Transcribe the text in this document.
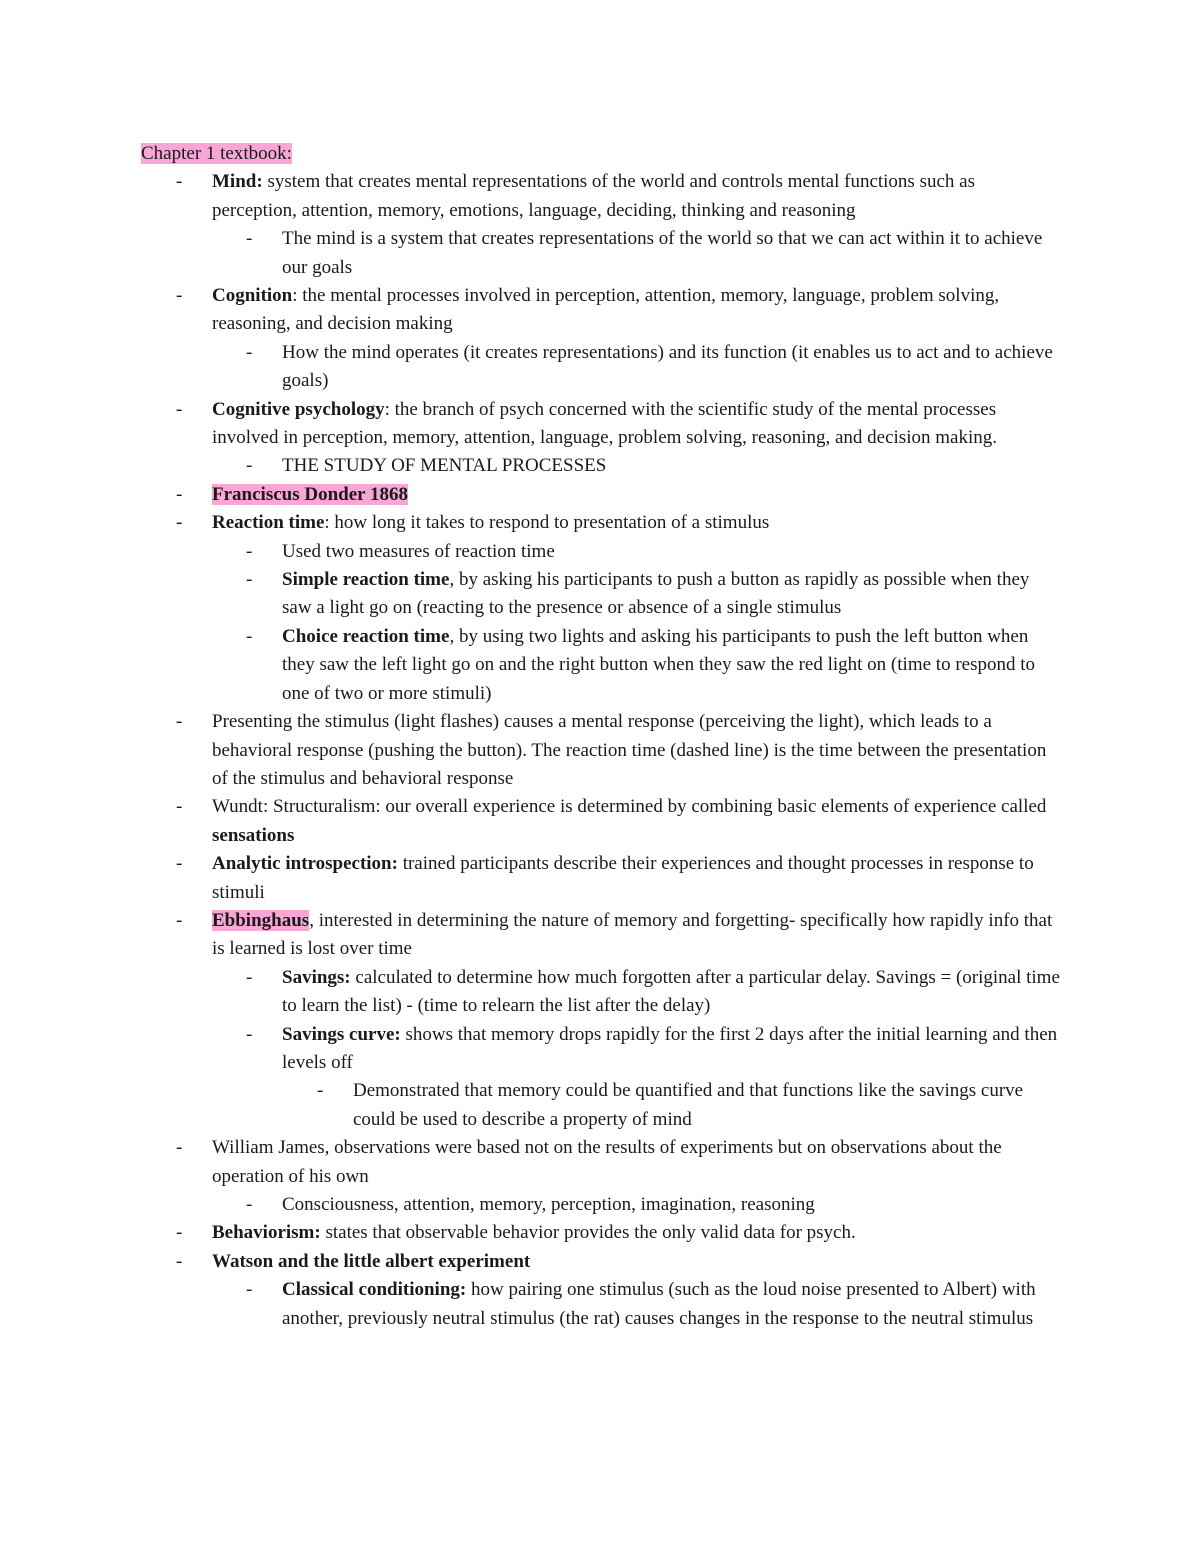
Chapter 1 textbook:
- Mind: system that creates mental representations of the world and controls mental functions such as perception, attention, memory, emotions, language, deciding, thinking and reasoning
- The mind is a system that creates representations of the world so that we can act within it to achieve our goals
- Cognition: the mental processes involved in perception, attention, memory, language, problem solving, reasoning, and decision making
- How the mind operates (it creates representations) and its function (it enables us to act and to achieve goals)
- Cognitive psychology: the branch of psych concerned with the scientific study of the mental processes involved in perception, memory, attention, language, problem solving, reasoning, and decision making.
- THE STUDY OF MENTAL PROCESSES
- Franciscus Donder 1868
- Reaction time: how long it takes to respond to presentation of a stimulus
- Used two measures of reaction time
- Simple reaction time, by asking his participants to push a button as rapidly as possible when they saw a light go on (reacting to the presence or absence of a single stimulus
- Choice reaction time, by using two lights and asking his participants to push the left button when they saw the left light go on and the right button when they saw the red light on (time to respond to one of two or more stimuli)
- Presenting the stimulus (light flashes) causes a mental response (perceiving the light), which leads to a behavioral response (pushing the button). The reaction time (dashed line) is the time between the presentation of the stimulus and behavioral response
- Wundt: Structuralism: our overall experience is determined by combining basic elements of experience called sensations
- Analytic introspection: trained participants describe their experiences and thought processes in response to stimuli
- Ebbinghaus, interested in determining the nature of memory and forgetting- specifically how rapidly info that is learned is lost over time
- Savings: calculated to determine how much forgotten after a particular delay. Savings = (original time to learn the list) - (time to relearn the list after the delay)
- Savings curve: shows that memory drops rapidly for the first 2 days after the initial learning and then levels off
- Demonstrated that memory could be quantified and that functions like the savings curve could be used to describe a property of mind
- William James, observations were based not on the results of experiments but on observations about the operation of his own
- Consciousness, attention, memory, perception, imagination, reasoning
- Behaviorism: states that observable behavior provides the only valid data for psych.
- Watson and the little albert experiment
- Classical conditioning: how pairing one stimulus (such as the loud noise presented to Albert) with another, previously neutral stimulus (the rat) causes changes in the response to the neutral stimulus
